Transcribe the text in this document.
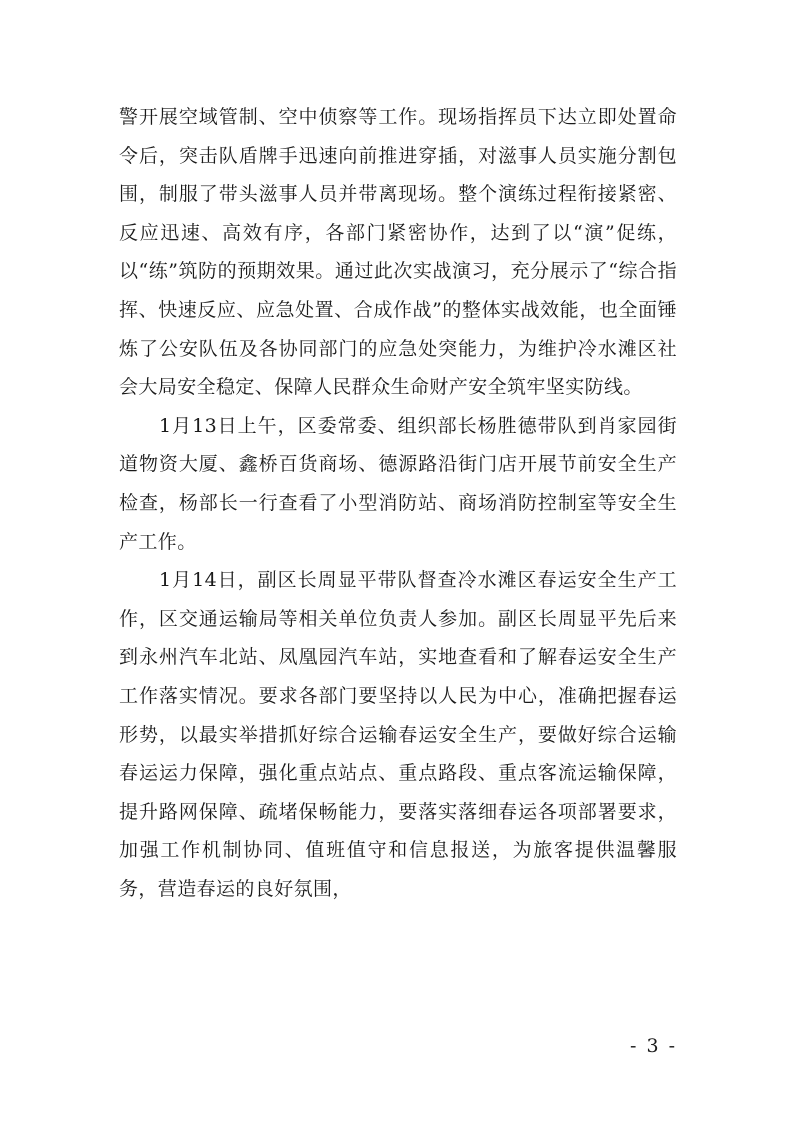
警开展空域管制、空中侦察等工作。现场指挥员下达立即处置命令后，突击队盾牌手迅速向前推进穿插，对滋事人员实施分割包围，制服了带头滋事人员并带离现场。整个演练过程衔接紧密、反应迅速、高效有序，各部门紧密协作，达到了以“演”促练，以“练”筑防的预期效果。通过此次实战演习，充分展示了“综合指挥、快速反应、应急处置、合成作战”的整体实战效能，也全面锤炼了公安队伍及各协同部门的应急处突能力，为维护冷水滩区社会大局安全稳定、保障人民群众生命财产安全筑牢坚实防线。

1月13日上午，区委常委、组织部长杨胜德带队到肖家园街道物资大厦、鑫桥百货商场、德源路沿街门店开展节前安全生产检查，杨部长一行查看了小型消防站、商场消防控制室等安全生产工作。

1月14日，副区长周显平带队督查冷水滩区春运安全生产工作，区交通运输局等相关单位负责人参加。副区长周显平先后来到永州汽车北站、凤凰园汽车站，实地查看和了解春运安全生产工作落实情况。要求各部门要坚持以人民为中心，准确把握春运形势，以最实举措抓好综合运输春运安全生产，要做好综合运输春运运力保障，强化重点站点、重点路段、重点客流运输保障，提升路网保障、疏堵保畅能力，要落实落细春运各项部署要求，加强工作机制协同、值班值守和信息报送，为旅客提供温馨服务，营造春运的良好氛围，

- 3 -
